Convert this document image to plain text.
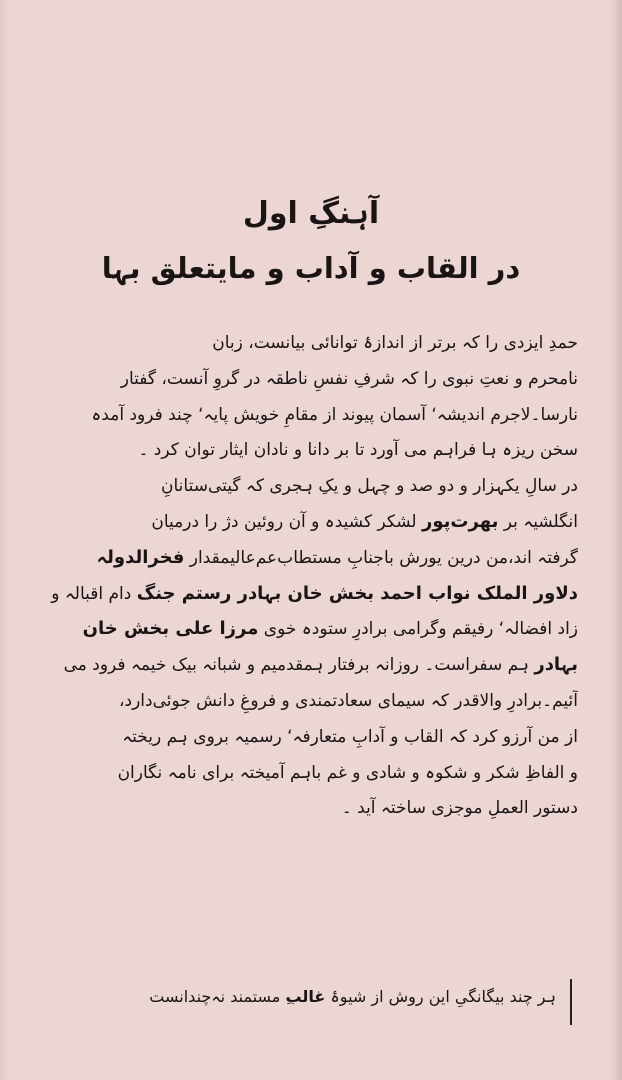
آہنگِ اول
در القاب و آداب و مایتعلق بہا
حمدِ ایزدی را کہ برتر از اندازۂ توانائی بیانست، زبان
نامحرم و نعتِ نبوی را کہ شرفِ نفسِ ناطقہ در گروِ آنست، گفتار
نارسا۔لاجرم اندیشہ‘ آسمان پیوند از مقامِ خویش پایہ‘ چند فرود آمدہ
سخن ریزہ ہا فراہم می آورد تا بر دانا و نادان ایثار توان کرد ۔
در سالِ یکہزار و دو صد و چہل و یکِ ہجری کہ گیتی‌ستانانِ
انگلشیہ بر بھرت‌پور لشکر کشیدہ و آن روئین دژ را درمیان
گرفتہ اند،من درین یورش باجنابِ مستطاب‌عم‌عالیمقدار فخرالدولہ
دلاور الملک نواب احمد بخش خان بہادر رستم جنگ دام اقبالہ و
زاد افضالہ‘ رفیقم وگرامی برادرِ ستودہ خوی مرزا علی بخش خان
بہادر ہم سفراست۔ روزانہ برفتار ہمقدمیم و شبانہ بیک خیمہ فرود می
آئیم۔برادرِ والاقدر کہ سیمای سعادتمندی و فروغِ دانش جوئی‌دارد،
از من آرزو کرد کہ القاب و آدابِ متعارفہ‘ رسمیہ بروی ہم ریختہ
و الفاظِ شکر و شکوہ و شادی و غم باہم آمیختہ برای نامہ نگاران
دستور العملِ موجزی ساختہ آید ۔
ہر چند بیگانگیِ این روش از شیوۂ غالبِ مستمند نہ‌چندانست
